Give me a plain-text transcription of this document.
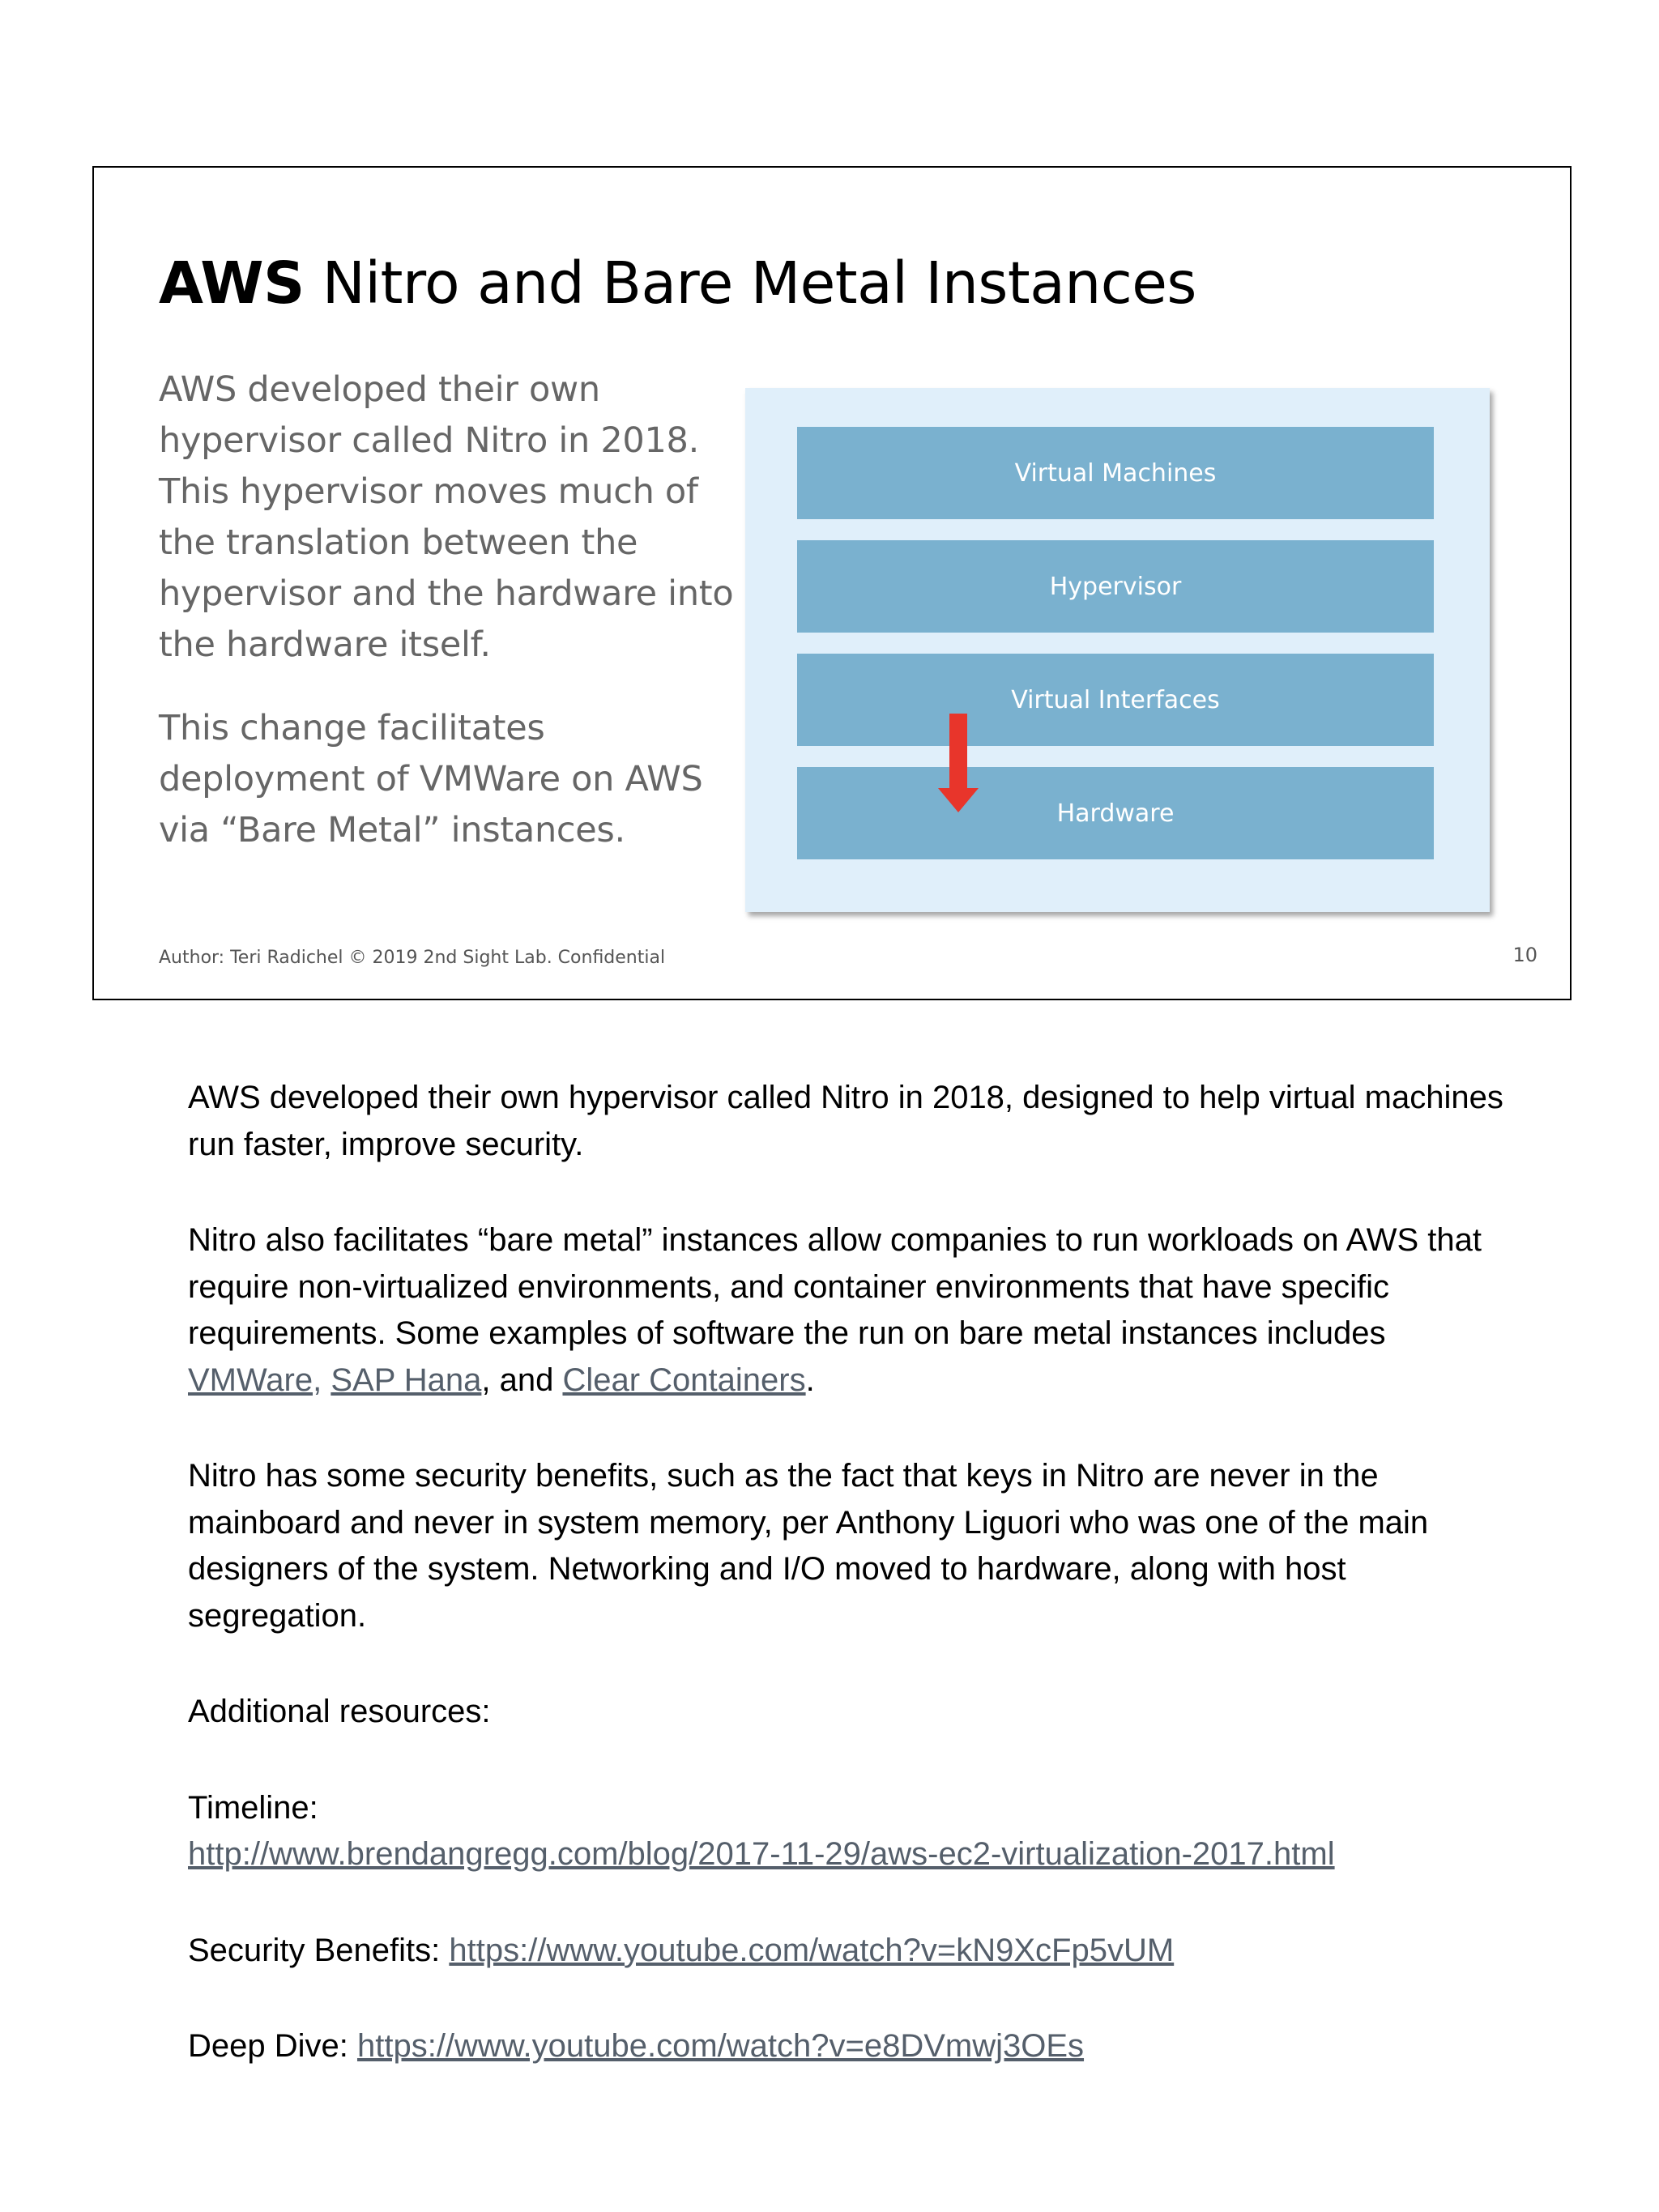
AWS Nitro and Bare Metal Instances

AWS developed their own hypervisor called Nitro in 2018. This hypervisor moves much of the translation between the hypervisor and the hardware into the hardware itself.

This change facilitates deployment of VMWare on AWS via “Bare Metal” instances.

Virtual Machines
Hypervisor
Virtual Interfaces
Hardware
Author: Teri Radichel © 2019 2nd Sight Lab. Confidential	10

AWS developed their own hypervisor called Nitro in 2018, designed to help virtual machines run faster, improve security.

Nitro also facilitates “bare metal” instances allow companies to run workloads on AWS that require non-virtualized environments, and container environments that have specific requirements. Some examples of software the run on bare metal instances includes VMWare, SAP Hana, and Clear Containers.

Nitro has some security benefits, such as the fact that keys in Nitro are never in the mainboard and never in system memory, per Anthony Liguori who was one of the main designers of the system. Networking and I/O moved to hardware, along with host segregation.

Additional resources:

Timeline:
http://www.brendangregg.com/blog/2017-11-29/aws-ec2-virtualization-2017.html

Security Benefits: https://www.youtube.com/watch?v=kN9XcFp5vUM

Deep Dive: https://www.youtube.com/watch?v=e8DVmwj3OEs
